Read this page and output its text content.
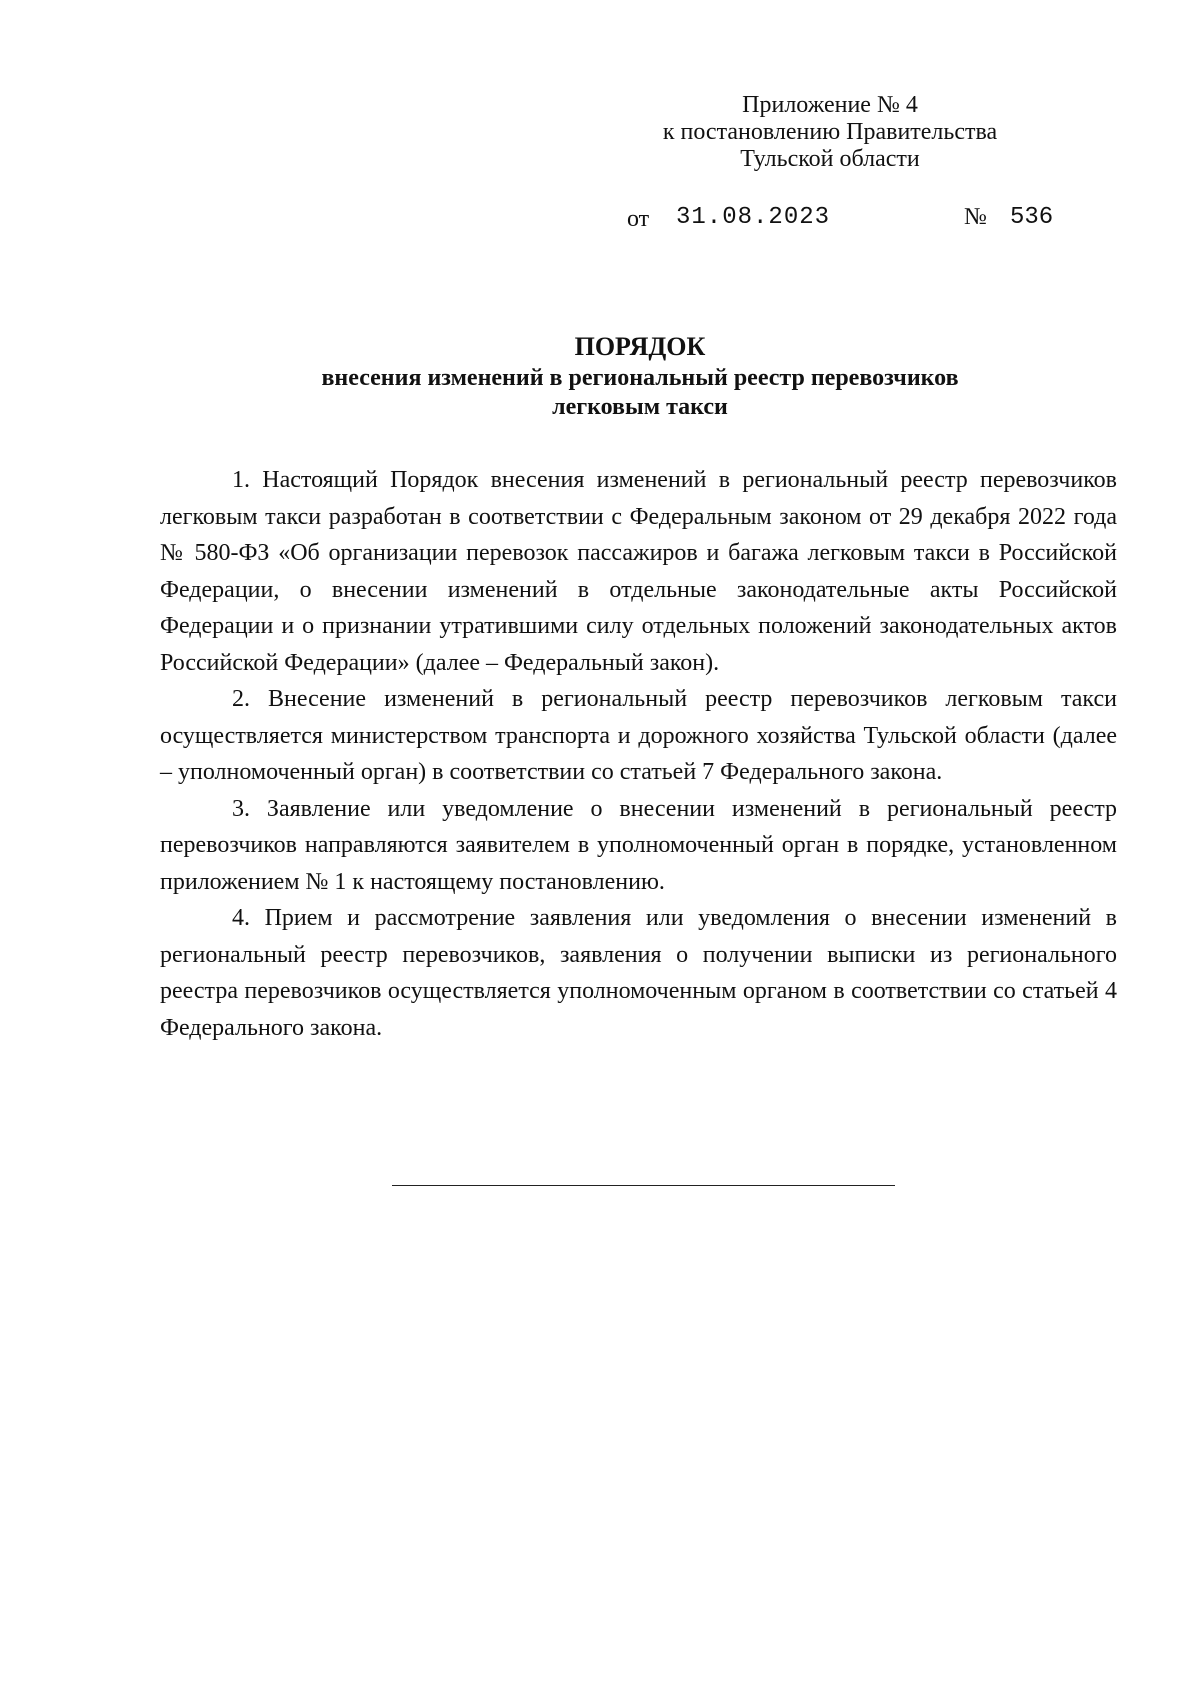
Приложение № 4
к постановлению Правительства
Тульской области
от 31.08.2023	№ 536
ПОРЯДОК
внесения изменений в региональный реестр перевозчиков
легковым такси

1. Настоящий Порядок внесения изменений в региональный реестр перевозчиков легковым такси разработан в соответствии с Федеральным законом от 29 декабря 2022 года № 580-ФЗ «Об организации перевозок пассажиров и багажа легковым такси в Российской Федерации, о внесении изменений в отдельные законодательные акты Российской Федерации и о признании утратившими силу отдельных положений законодательных актов Российской Федерации» (далее – Федеральный закон).

2. Внесение изменений в региональный реестр перевозчиков легковым такси осуществляется министерством транспорта и дорожного хозяйства Тульской области (далее – уполномоченный орган) в соответствии со статьей 7 Федерального закона.

3. Заявление или уведомление о внесении изменений в региональный реестр перевозчиков направляются заявителем в уполномоченный орган в порядке, установленном приложением № 1 к настоящему постановлению.

4. Прием и рассмотрение заявления или уведомления о внесении изменений в региональный реестр перевозчиков, заявления о получении выписки из регионального реестра перевозчиков осуществляется уполномоченным органом в соответствии со статьей 4 Федерального закона.
